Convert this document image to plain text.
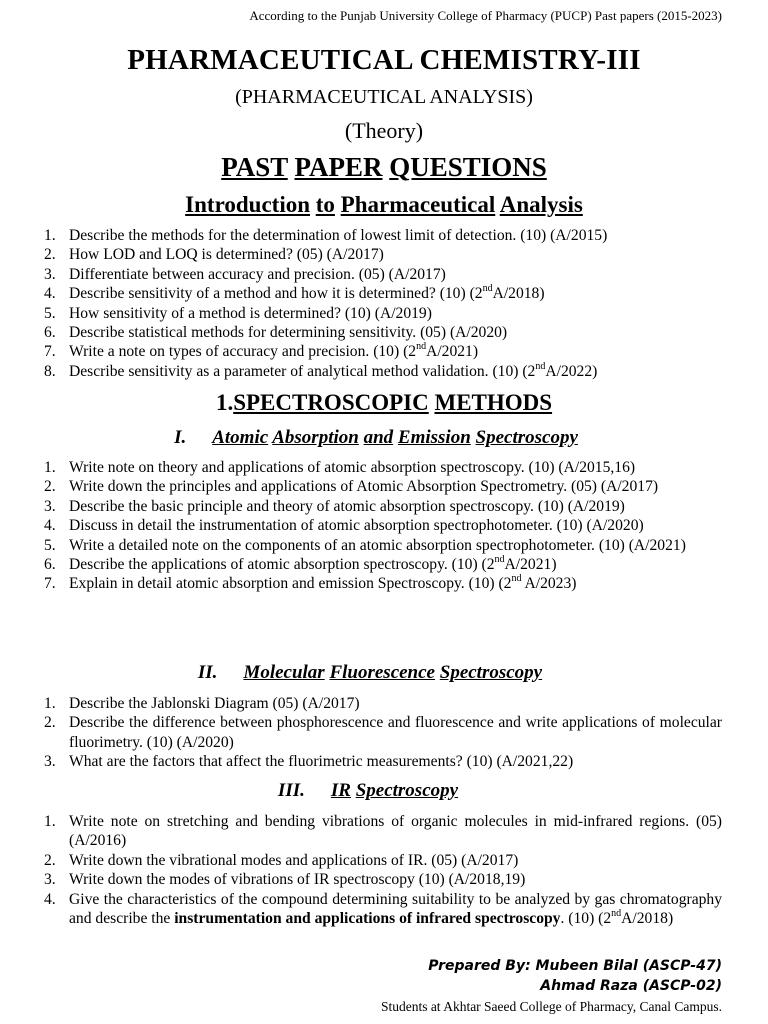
According to the Punjab University College of Pharmacy (PUCP) Past papers (2015-2023)
PHARMACEUTICAL CHEMISTRY-III
(PHARMACEUTICAL ANALYSIS)
(Theory)
PAST PAPER QUESTIONS
Introduction to Pharmaceutical Analysis
1. Describe the methods for the determination of lowest limit of detection. (10) (A/2015)
2. How LOD and LOQ is determined? (05) (A/2017)
3. Differentiate between accuracy and precision. (05) (A/2017)
4. Describe sensitivity of a method and how it is determined? (10) (2ndA/2018)
5. How sensitivity of a method is determined? (10) (A/2019)
6. Describe statistical methods for determining sensitivity. (05) (A/2020)
7. Write a note on types of accuracy and precision. (10) (2ndA/2021)
8. Describe sensitivity as a parameter of analytical method validation. (10) (2ndA/2022)
1.SPECTROSCOPIC METHODS
I. Atomic Absorption and Emission Spectroscopy
1. Write note on theory and applications of atomic absorption spectroscopy. (10) (A/2015,16)
2. Write down the principles and applications of Atomic Absorption Spectrometry. (05) (A/2017)
3. Describe the basic principle and theory of atomic absorption spectroscopy. (10) (A/2019)
4. Discuss in detail the instrumentation of atomic absorption spectrophotometer. (10) (A/2020)
5. Write a detailed note on the components of an atomic absorption spectrophotometer. (10) (A/2021)
6. Describe the applications of atomic absorption spectroscopy. (10) (2ndA/2021)
7. Explain in detail atomic absorption and emission Spectroscopy. (10) (2nd A/2023)
II. Molecular Fluorescence Spectroscopy
1. Describe the Jablonski Diagram (05) (A/2017)
2. Describe the difference between phosphorescence and fluorescence and write applications of molecular fluorimetry. (10) (A/2020)
3. What are the factors that affect the fluorimetric measurements? (10) (A/2021,22)
III. IR Spectroscopy
1. Write note on stretching and bending vibrations of organic molecules in mid-infrared regions. (05) (A/2016)
2. Write down the vibrational modes and applications of IR. (05) (A/2017)
3. Write down the modes of vibrations of IR spectroscopy (10) (A/2018,19)
4. Give the characteristics of the compound determining suitability to be analyzed by gas chromatography and describe the instrumentation and applications of infrared spectroscopy. (10) (2ndA/2018)
Prepared By: Mubeen Bilal (ASCP-47)
Ahmad Raza (ASCP-02)
Students at Akhtar Saeed College of Pharmacy, Canal Campus.
